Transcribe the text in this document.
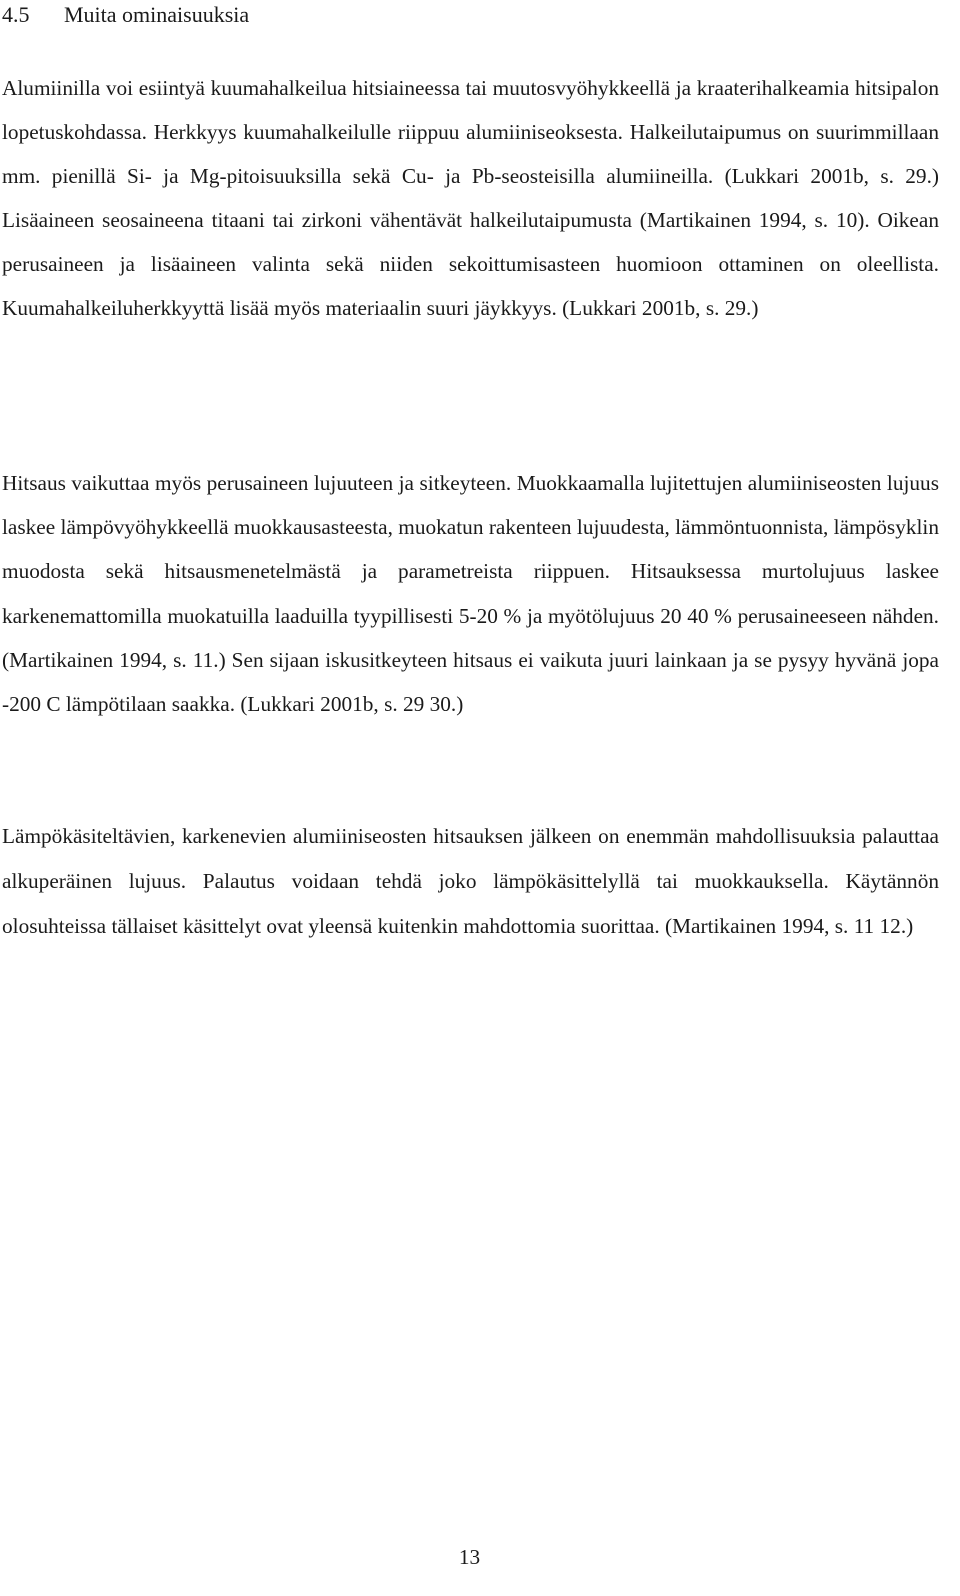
4.5 Muita ominaisuuksia

Alumiinilla voi esiintyä kuumahalkeilua hitsiaineessa tai muutosvyöhykkeellä ja kraaterihalkeamia hitsipalon lopetuskohdassa. Herkkyys kuumahalkeilulle riippuu alumiiniseoksesta. Halkeilutaipumus on suurimmillaan mm. pienillä Si- ja Mg-pitoisuuksilla sekä Cu- ja Pb-seosteisilla alumiineilla. (Lukkari 2001b, s. 29.) Lisäaineen seosaineena titaani tai zirkoni vähentävät halkeilutaipumusta (Martikainen 1994, s. 10). Oikean perusaineen ja lisäaineen valinta sekä niiden sekoittumisasteen huomioon ottaminen on oleellista. Kuumahalkeiluherkkyyttä lisää myös materiaalin suuri jäykkyys. (Lukkari 2001b, s. 29.)

Hitsaus vaikuttaa myös perusaineen lujuuteen ja sitkeyteen. Muokkaamalla lujitettujen alumiiniseosten lujuus laskee lämpövyöhykkeellä muokkausasteesta, muokatun rakenteen lujuudesta, lämmöntuonnista, lämpösyklin muodosta sekä hitsausmenetelmästä ja parametreista riippuen. Hitsauksessa murtolujuus laskee karkenemattomilla muokatuilla laaduilla tyypillisesti 5-20 % ja myötölujuus 20 40 % perusaineeseen nähden. (Martikainen 1994, s. 11.) Sen sijaan iskusitkeyteen hitsaus ei vaikuta juuri lainkaan ja se pysyy hyvänä jopa -200 C lämpötilaan saakka. (Lukkari 2001b, s. 29 30.)

Lämpökäsiteltävien, karkenevien alumiiniseosten hitsauksen jälkeen on enemmän mahdollisuuksia palauttaa alkuperäinen lujuus. Palautus voidaan tehdä joko lämpökäsittelyllä tai muokkauksella. Käytännön olosuhteissa tällaiset käsittelyt ovat yleensä kuitenkin mahdottomia suorittaa. (Martikainen 1994, s. 11 12.)

13
